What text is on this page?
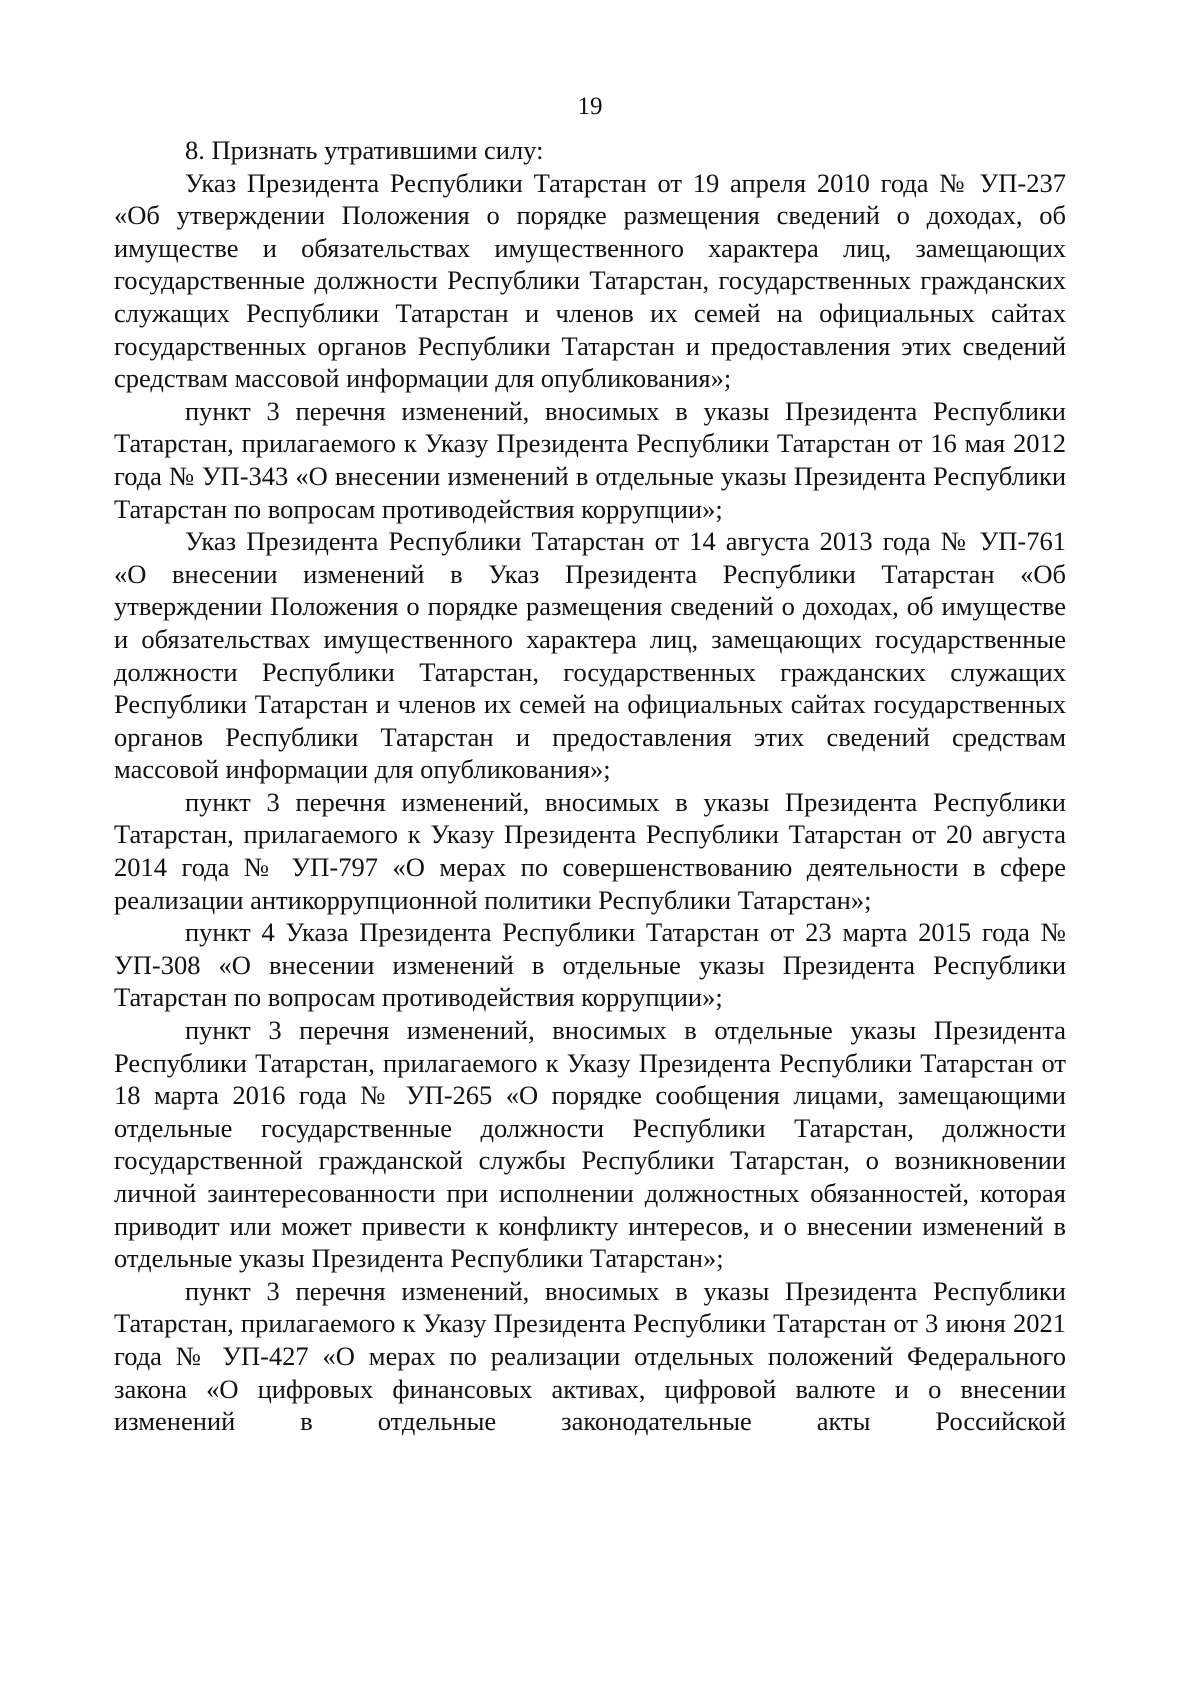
19

8. Признать утратившими силу:

Указ Президента Республики Татарстан от 19 апреля 2010 года № УП-237 «Об утверждении Положения о порядке размещения сведений о доходах, об имуществе и обязательствах имущественного характера лиц, замещающих государственные должности Республики Татарстан, государственных гражданских служащих Республики Татарстан и членов их семей на официальных сайтах государственных органов Республики Татарстан и предоставления этих сведений средствам массовой информации для опубликования»;

пункт 3 перечня изменений, вносимых в указы Президента Республики Татарстан, прилагаемого к Указу Президента Республики Татарстан от 16 мая 2012 года № УП-343 «О внесении изменений в отдельные указы Президента Республики Татарстан по вопросам противодействия коррупции»;

Указ Президента Республики Татарстан от 14 августа 2013 года № УП-761 «О внесении изменений в Указ Президента Республики Татарстан «Об утверждении Положения о порядке размещения сведений о доходах, об имуществе и обязательствах имущественного характера лиц, замещающих государственные должности Республики Татарстан, государственных гражданских служащих Республики Татарстан и членов их семей на официальных сайтах государственных органов Республики Татарстан и предоставления этих сведений средствам массовой информации для опубликования»;

пункт 3 перечня изменений, вносимых в указы Президента Республики Татарстан, прилагаемого к Указу Президента Республики Татарстан от 20 августа 2014 года № УП-797 «О мерах по совершенствованию деятельности в сфере реализации антикоррупционной политики Республики Татарстан»;

пункт 4 Указа Президента Республики Татарстан от 23 марта 2015 года № УП-308 «О внесении изменений в отдельные указы Президента Республики Татарстан по вопросам противодействия коррупции»;

пункт 3 перечня изменений, вносимых в отдельные указы Президента Республики Татарстан, прилагаемого к Указу Президента Республики Татарстан от 18 марта 2016 года № УП-265 «О порядке сообщения лицами, замещающими отдельные государственные должности Республики Татарстан, должности государственной гражданской службы Республики Татарстан, о возникновении личной заинтересованности при исполнении должностных обязанностей, которая приводит или может привести к конфликту интересов, и о внесении изменений в отдельные указы Президента Республики Татарстан»;

пункт 3 перечня изменений, вносимых в указы Президента Республики Татарстан, прилагаемого к Указу Президента Республики Татарстан от 3 июня 2021 года № УП-427 «О мерах по реализации отдельных положений Федерального закона «О цифровых финансовых активах, цифровой валюте и о внесении изменений в отдельные законодательные акты Российской
